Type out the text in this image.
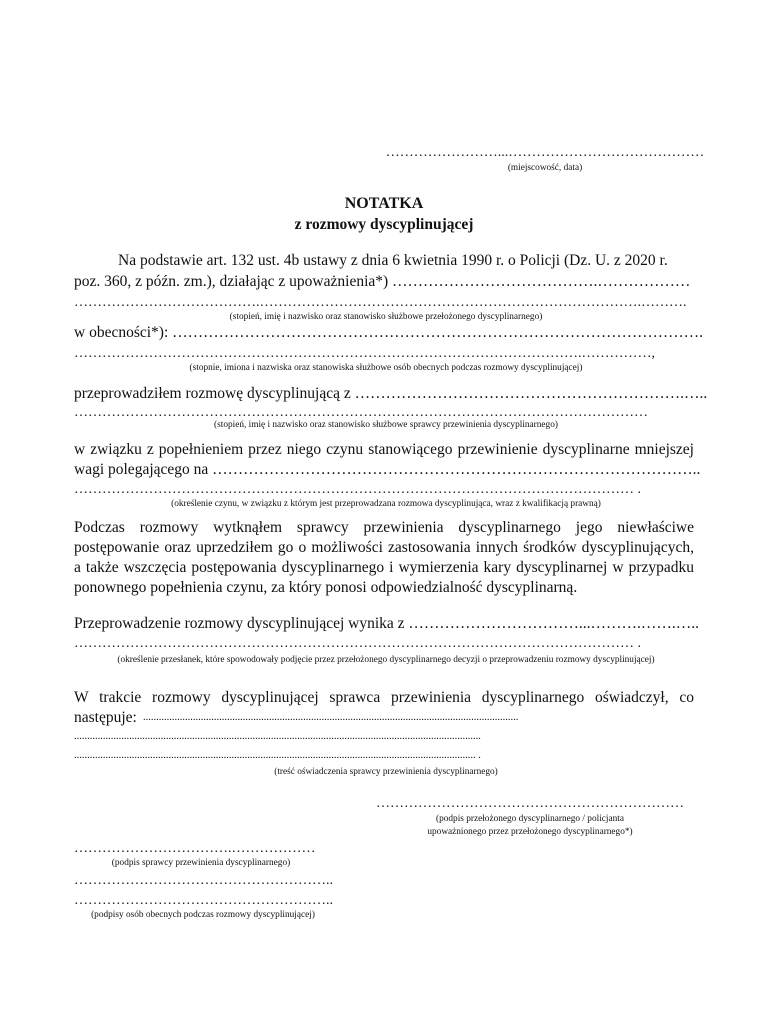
……………………...……………………………………
(miejscowość, data)
NOTATKA
z rozmowy dyscyplinującej
Na podstawie art. 132 ust. 4b ustawy z dnia 6 kwietnia 1990 r. o Policji (Dz. U. z 2020 r.
poz. 360, z późn. zm.), działając z upoważnienia*) ………………………………….………………
………………………………….……………………………………………………………………….……….
(stopień, imię i nazwisko oraz stanowisko służbowe przełożonego dyscyplinarnego)
w obecności*): ………………………………………………………………………………………….
……………………………………………………………………………………………….……………,
(stopnie, imiona i nazwiska oraz stanowiska służbowe osób obecnych podczas rozmowy dyscyplinującej)
przeprowadziłem rozmowę dyscyplinującą z ……………………………………………………….…..
……………………………………………………………………………………………………………
(stopień, imię i nazwisko oraz stanowisko służbowe sprawcy przewinienia dyscyplinarnego)
w związku z popełnieniem przez niego czynu stanowiącego przewinienie dyscyplinarne mniejszej
wagi polegającego na …………………………………………………………………………………..
………………………………………………………………………………………………………… .
(określenie czynu, w związku z którym jest przeprowadzana rozmowa dyscyplinująca, wraz z kwalifikacją prawną)
Podczas rozmowy wytknąłem sprawcy przewinienia dyscyplinarnego jego niewłaściwe
postępowanie oraz uprzedziłem go o możliwości zastosowania innych środków dyscyplinujących,
a także wszczęcia postępowania dyscyplinarnego i wymierzenia kary dyscyplinarnej w przypadku
ponownego popełnienia czynu, za który ponosi odpowiedzialność dyscyplinarną.
Przeprowadzenie rozmowy dyscyplinującej wynika z ……………………………...……….…….…..
………………………………………………………………………………………………………… .
(określenie przesłanek, które spowodowały podjęcie przez przełożonego dyscyplinarnego decyzji o przeprowadzeniu rozmowy dyscyplinującej)
W trakcie rozmowy dyscyplinującej sprawca przewinienia dyscyplinarnego oświadczył, co
następuje: ...............................................................................................................................................
...........................................................................................................................................................
......................................................................................................................................................... .
(treść oświadczenia sprawcy przewinienia dyscyplinarnego)
…………………………………………………………
(podpis przełożonego dyscyplinarnego / policjanta
upoważnionego przez przełożonego dyscyplinarnego*)
…………………………….………………
(podpis sprawcy przewinienia dyscyplinarnego)
………………………………………………..
………………………………………………..
(podpisy osób obecnych podczas rozmowy dyscyplinującej)
